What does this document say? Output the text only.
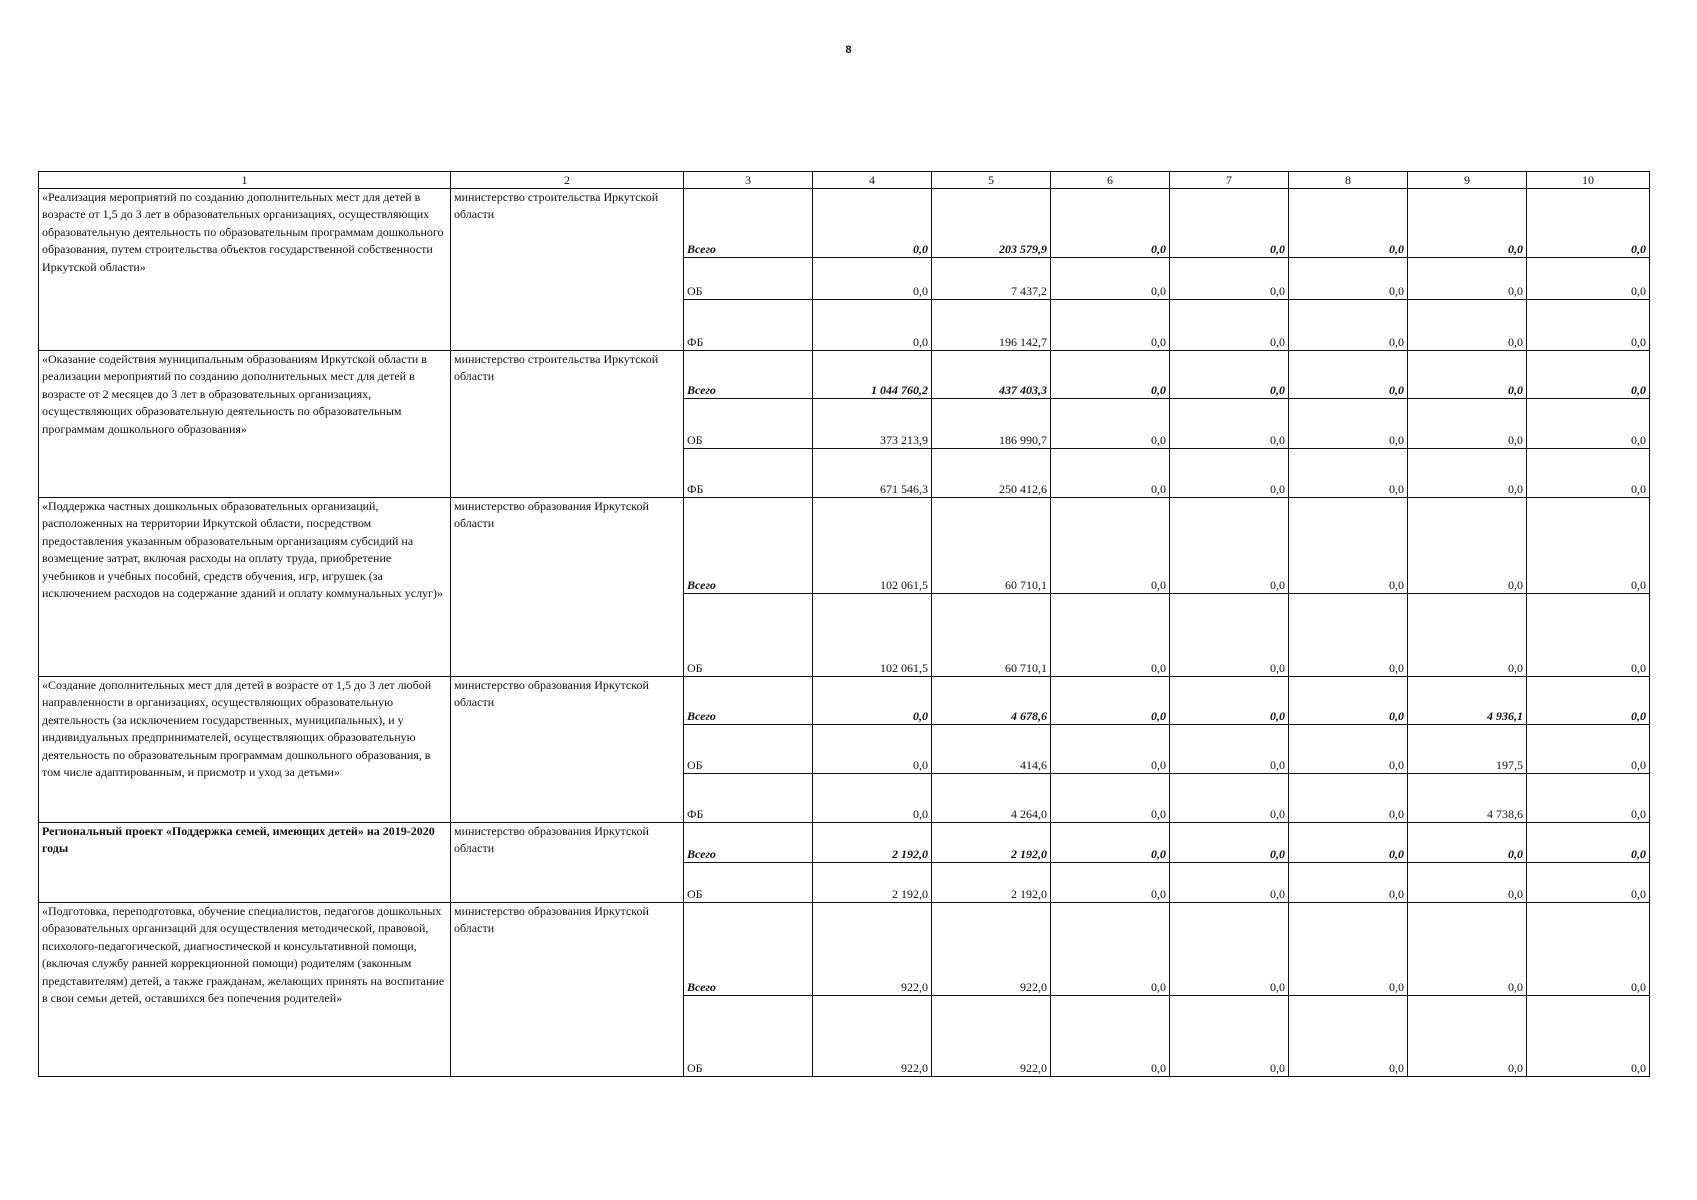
8
1	2	3	4	5	6	7	8	9	10
«Реализация мероприятий по созданию дополнительных мест для детей в возрасте от 1,5 до 3 лет в образовательных организациях, осуществляющих образовательную деятельность по образовательным программам дошкольного образования, путем строительства объектов государственной собственности Иркутской области»	министерство строительства Иркутской области	Всего	0,0	203 579,9	0,0	0,0	0,0	0,0	0,0
		ОБ	0,0	7 437,2	0,0	0,0	0,0	0,0	0,0
		ФБ	0,0	196 142,7	0,0	0,0	0,0	0,0	0,0
«Оказание содействия муниципальным образованиям Иркутской области в реализации мероприятий по созданию дополнительных мест для детей в возрасте от 2 месяцев до 3 лет в образовательных организациях, осуществляющих образовательную деятельность по образовательным программам дошкольного образования»	министерство строительства Иркутской области	Всего	1 044 760,2	437 403,3	0,0	0,0	0,0	0,0	0,0
		ОБ	373 213,9	186 990,7	0,0	0,0	0,0	0,0	0,0
		ФБ	671 546,3	250 412,6	0,0	0,0	0,0	0,0	0,0
«Поддержка частных дошкольных образовательных организаций, расположенных на территории Иркутской области, посредством предоставления указанным образовательным организациям субсидий на возмещение затрат, включая расходы на оплату труда, приобретение учебников и учебных пособий, средств обучения, игр, игрушек (за исключением расходов на содержание зданий и оплату коммунальных услуг)»	министерство образования Иркутской области	Всего	102 061,5	60 710,1	0,0	0,0	0,0	0,0	0,0
		ОБ	102 061,5	60 710,1	0,0	0,0	0,0	0,0	0,0
«Создание дополнительных мест для детей в возрасте от 1,5 до 3 лет любой направленности в организациях, осуществляющих образовательную деятельность (за исключением государственных, муниципальных), и у индивидуальных предпринимателей, осуществляющих образовательную деятельность по образовательным программам дошкольного образования, в том числе адаптированным, и присмотр и уход за детьми»	министерство образования Иркутской области	Всего	0,0	4 678,6	0,0	0,0	0,0	4 936,1	0,0
		ОБ	0,0	414,6	0,0	0,0	0,0	197,5	0,0
		ФБ	0,0	4 264,0	0,0	0,0	0,0	4 738,6	0,0
Региональный проект «Поддержка семей, имеющих детей» на 2019-2020 годы	министерство образования Иркутской области	Всего	2 192,0	2 192,0	0,0	0,0	0,0	0,0	0,0
		ОБ	2 192,0	2 192,0	0,0	0,0	0,0	0,0	0,0
«Подготовка, переподготовка, обучение специалистов, педагогов дошкольных образовательных организаций для осуществления методической, правовой, психолого-педагогической, диагностической и консультативной помощи, (включая службу ранней коррекционной помощи) родителям (законным представителям) детей, а также гражданам, желающих принять на воспитание в свои семьи детей, оставшихся без попечения родителей»	министерство образования Иркутской области	Всего	922,0	922,0	0,0	0,0	0,0	0,0	0,0
		ОБ	922,0	922,0	0,0	0,0	0,0	0,0	0,0
